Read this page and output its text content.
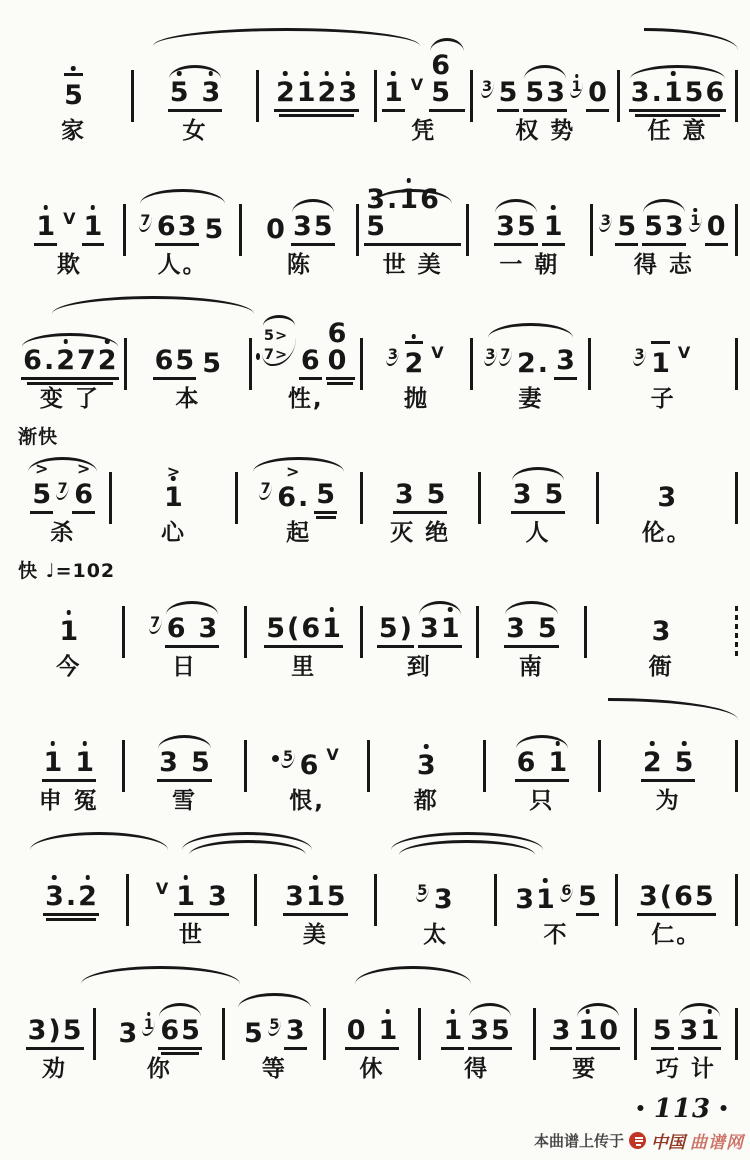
5
家
5 3
女
2123 1 V
65
凭
3 5 53 1 0
权 势
3.156
任 意
1 V 1
欺
7 63 5
人。
0 35
陈
3.165
世 美
35 1
一 朝
3 5 53 1 0
得 志
6.272
变 了
65 5
本
5>7> 6
60
性,
3 2 V
抛
3 7 2. 3
妻
3 1 V
子
渐快
> 5 7 > 6
杀
> 1
心
7 > 6. 5
起
3 5
灭 绝
3 5
人
3
伦。
快 ♩=102
1
今
7 6 3
日
5(61
里
5) 31
到
3 5
南
3
衙
1 1
申 冤
3 5
雪
5 6 V
恨,
3
都
6 1
只
2 5
为
3.2	V 1 3
世
315
美
5 3
太
31 6 5
不
3(65
仁。
3)5
劝
3 1 65
你
5 5 3
等
0 1
休
1 35
得
3 10
要
5 31
巧 计
• 113 •
本曲谱上传于 中国 曲谱网
